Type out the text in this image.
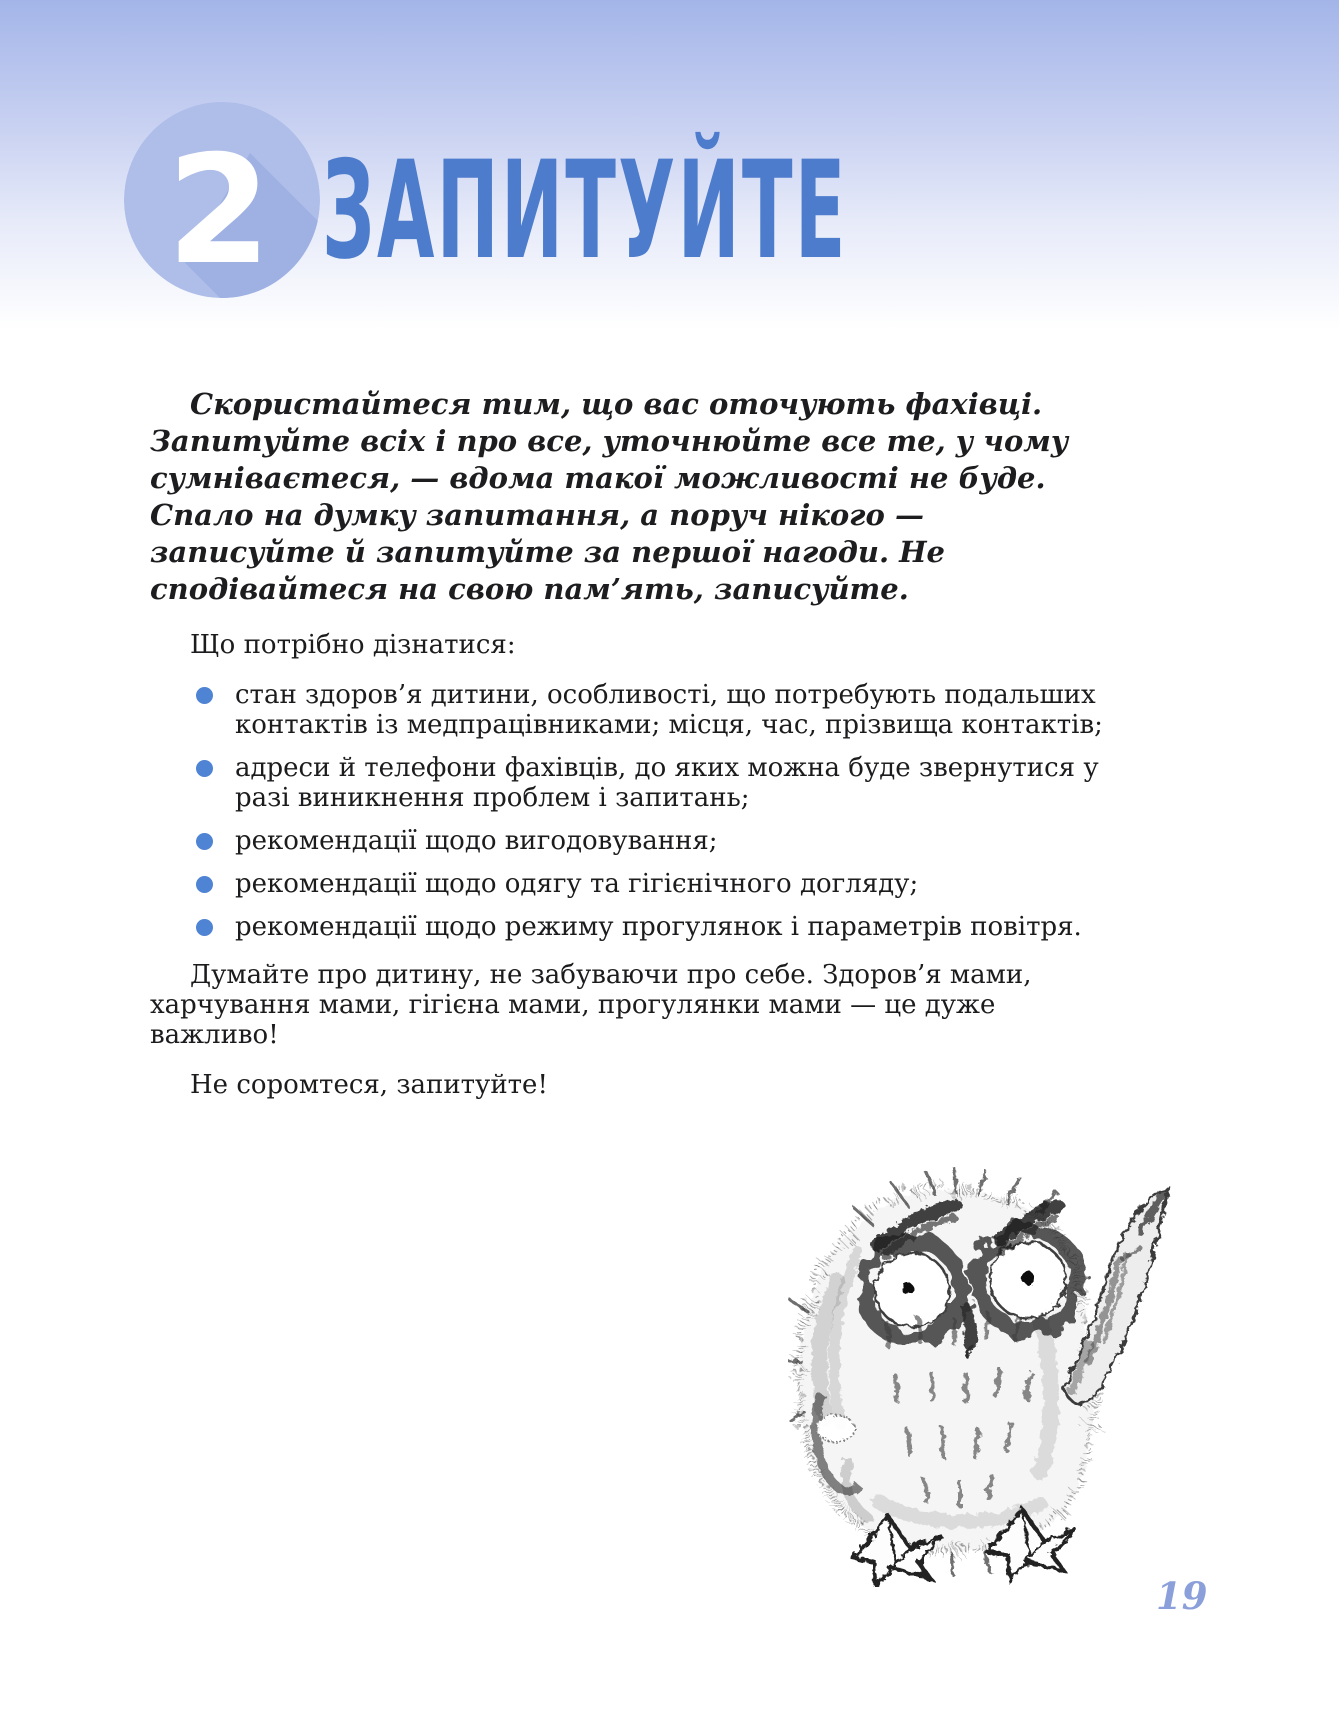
2 ЗАПИТУЙТЕ

Скористайтеся тим, що вас оточують фахівці. Запитуйте всіх і про все, уточнюйте все те, у чому сумніваєтеся, — вдома такої можливості не буде. Спало на думку запитання, а поруч нікого — записуйте й запитуйте за першої нагоди. Не сподівайтеся на свою пам’ять, записуйте.

Що потрібно дізнатися:

стан здоров’я дитини, особливості, що потребують подальших контактів із медпрацівниками; місця, час, прізвища контактів;
адреси й телефони фахівців, до яких можна буде звернутися у разі виникнення проблем і запитань;
рекомендації щодо вигодовування;
рекомендації щодо одягу та гігієнічного догляду;
рекомендації щодо режиму прогулянок і параметрів повітря.

Думайте про дитину, не забуваючи про себе. Здоров’я мами, харчування мами, гігієна мами, прогулянки мами — це дуже важливо!

Не соромтеся, запитуйте!

19
